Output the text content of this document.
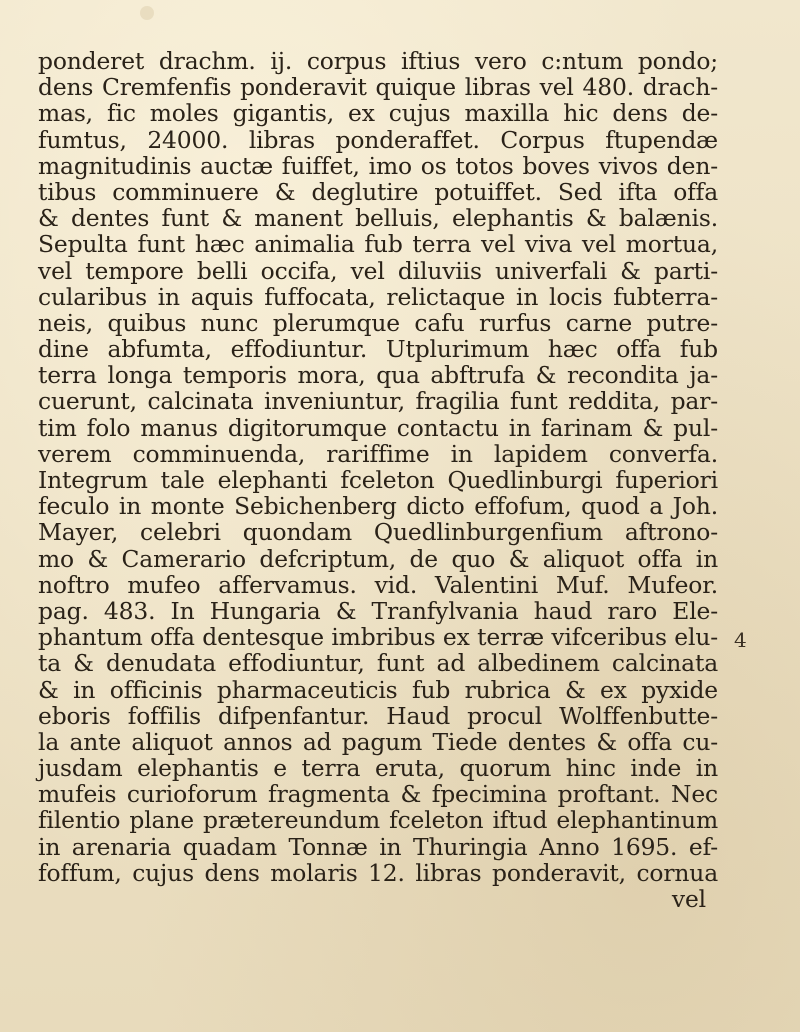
ponderet drachm. ij. corpus iftius vero c:ntum pondo;
dens Cremfenfis ponderavit quique libras vel 480. drach-
mas, fic moles gigantis, ex cujus maxilla hic dens de-
fumtus, 24000. libras ponderaffet. Corpus ftupendæ
magnitudinis auctæ fuiffet, imo os totos boves vivos den-
tibus comminuere & deglutire potuiffet. Sed ifta offa
& dentes funt & manent belluis, elephantis & balænis.
Sepulta funt hæc animalia fub terra vel viva vel mortua,
vel tempore belli occifa, vel diluviis univerfali & parti-
cularibus in aquis fuffocata, relictaque in locis fubterra-
neis, quibus nunc plerumque cafu rurfus carne putre-
dine abfumta, effodiuntur. Utplurimum hæc offa fub
terra longa temporis mora, qua abftrufa & recondita ja-
cuerunt, calcinata inveniuntur, fragilia funt reddita, par-
tim folo manus digitorumque contactu in farinam & pul-
verem comminuenda, rariffime in lapidem converfa.
Integrum tale elephanti fceleton Quedlinburgi fuperiori
feculo in monte Sebichenberg dicto effofum, quod a Joh.
Mayer, celebri quondam Quedlinburgenfium aftrono-
mo & Camerario defcriptum, de quo & aliquot offa in
noftro mufeo affervamus. vid. Valentini Muf. Mufeor.
pag. 483. In Hungaria & Tranfylvania haud raro Ele-
phantum offa dentesque imbribus ex terræ vifceribus elu-
ta & denudata effodiuntur, funt ad albedinem calcinata
& in officinis pharmaceuticis fub rubrica & ex pyxide
eboris foffilis difpenfantur. Haud procul Wolffenbutte-
la ante aliquot annos ad pagum Tiede dentes & offa cu-
jusdam elephantis e terra eruta, quorum hinc inde in
mufeis curioforum fragmenta & fpecimina proftant. Nec
filentio plane prætereundum fceleton iftud elephantinum
in arenaria quadam Tonnæ in Thuringia Anno 1695. ef-
foffum, cujus dens molaris 12. libras ponderavit, cornua
vel
4
